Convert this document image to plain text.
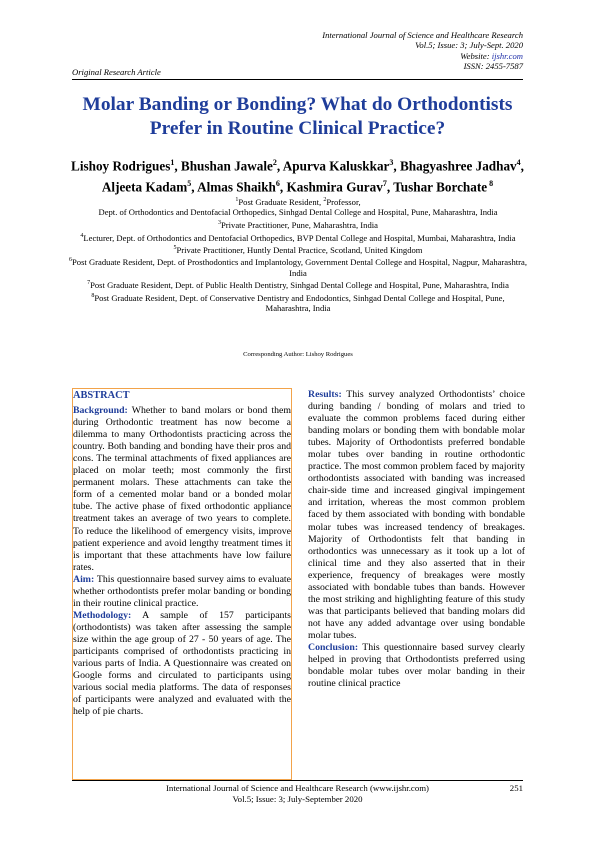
International Journal of Science and Healthcare Research
Vol.5; Issue: 3; July-Sept. 2020
Website: ijshr.com
ISSN: 2455-7587
Original Research Article
Molar Banding or Bonding? What do Orthodontists Prefer in Routine Clinical Practice?
Lishoy Rodrigues$^1$, Bhushan Jawale$^2$, Apurva Kaluskkar$^3$, Bhagyashree Jadhav$^4$,
Aljeeta Kadam$^5$, Almas Shaikh$^6$, Kashmira Gurav$^7$, Tushar Borchate $^8$

$^1$Post Graduate Resident, $^2$Professor,

Dept. of Orthodontics and Dentofacial Orthopedics, Sinhgad Dental College and Hospital, Pune, Maharashtra, India

$^3$Private Practitioner, Pune, Maharashtra, India

$^4$Lecturer, Dept. of Orthodontics and Dentofacial Orthopedics, BVP Dental College and Hospital, Mumbai, Maharashtra, India

$^5$Private Practitioner, Huntly Dental Practice, Scotland, United Kingdom

$^6$Post Graduate Resident, Dept. of Prosthodontics and Implantology, Government Dental College and Hospital, Nagpur, Maharashtra, India

$^7$Post Graduate Resident, Dept. of Public Health Dentistry, Sinhgad Dental College and Hospital, Pune, Maharashtra, India

$^8$Post Graduate Resident, Dept. of Conservative Dentistry and Endodontics, Sinhgad Dental College and Hospital, Pune, Maharashtra, India

Corresponding Author: Lishoy Rodrigues
ABSTRACT

Background: Whether to band molars or bond them during Orthodontic treatment has now become a dilemma to many Orthodontists practicing across the country. Both banding and bonding have their pros and cons. The terminal attachments of fixed appliances are placed on molar teeth; most commonly the first permanent molars. These attachments can take the form of a cemented molar band or a bonded molar tube. The active phase of fixed orthodontic appliance treatment takes an average of two years to complete. To reduce the likelihood of emergency visits, improve patient experience and avoid lengthy treatment times it is important that these attachments have low failure rates.

Aim: This questionnaire based survey aims to evaluate whether orthodontists prefer molar banding or bonding in their routine clinical practice.

Methodology: A sample of 157 participants (orthodontists) was taken after assessing the sample size within the age group of 27 - 50 years of age. The participants comprised of orthodontists practicing in various parts of India. A Questionnaire was created on Google forms and circulated to participants using various social media platforms. The data of responses of participants were analyzed and evaluated with the help of pie charts.

Results: This survey analyzed Orthodontists’ choice during banding / bonding of molars and tried to evaluate the common problems faced during either banding molars or bonding them with bondable molar tubes. Majority of Orthodontists preferred bondable molar tubes over banding in routine orthodontic practice. The most common problem faced by majority orthodontists associated with banding was increased chair-side time and increased gingival impingement and irritation, whereas the most common problem faced by them associated with bonding with bondable molar tubes was increased tendency of breakages. Majority of Orthodontists felt that banding in orthodontics was unnecessary as it took up a lot of clinical time and they also asserted that in their experience, frequency of breakages were mostly associated with bondable tubes than bands. However the most striking and highlighting feature of this study was that participants believed that banding molars did not have any added advantage over using bondable molar tubes.

Conclusion: This questionnaire based survey clearly helped in proving that Orthodontists preferred using bondable molar tubes over molar banding in their routine clinical practice

International Journal of Science and Healthcare Research (www.ijshr.com)
Vol.5; Issue: 3; July-September 2020
251
